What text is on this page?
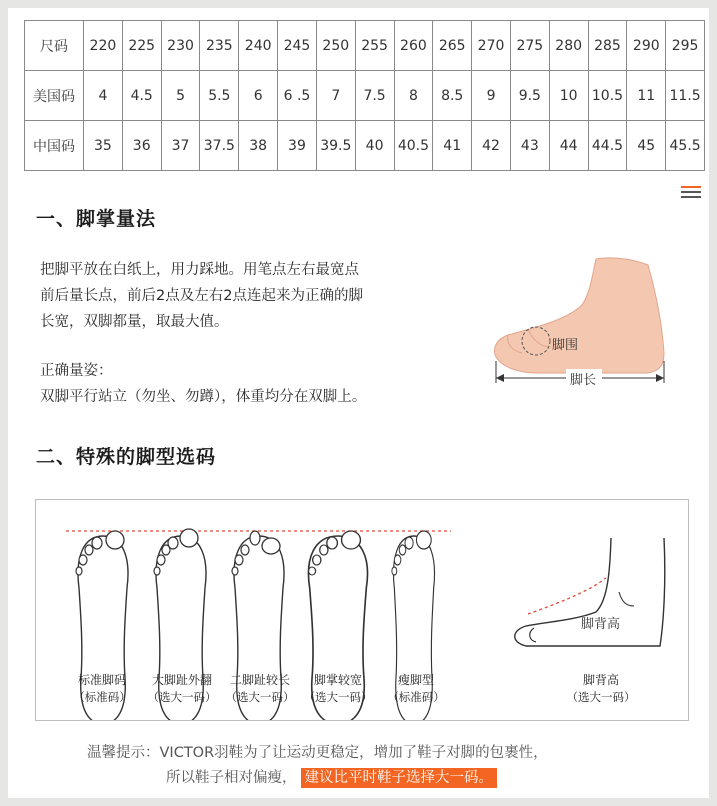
尺码	220	225	230	235	240	245	250	255	260	265	270	275	280	285	290	295
美国码	4	4.5	5	5.5	6	6 .5	7	7.5	8	8.5	9	9.5	10	10.5	11	11.5
中国码	35	36	37	37.5	38	39	39.5	40	40.5	41	42	43	44	44.5	45	45.5
一、脚掌量法

把脚平放在白纸上，用力踩地。用笔点左右最宽点
前后量长点，前后2点及左右2点连起来为正确的脚
长宽，双脚都量，取最大值。

正确量姿：
双脚平行站立（勿坐、勿蹲），体重均分在双脚上。

脚围
脚长
二、特殊的脚型选码
脚背高
标准脚码
（标准码）
大脚趾外翻
（选大一码）
二脚趾较长
（选大一码）
脚掌较宽
（选大一码）
瘦脚型
（标准码）
脚背高
（选大一码）
温馨提示：VICTOR羽鞋为了让运动更稳定，增加了鞋子对脚的包裹性，
所以鞋子相对偏瘦， 建议比平时鞋子选择大一码。
